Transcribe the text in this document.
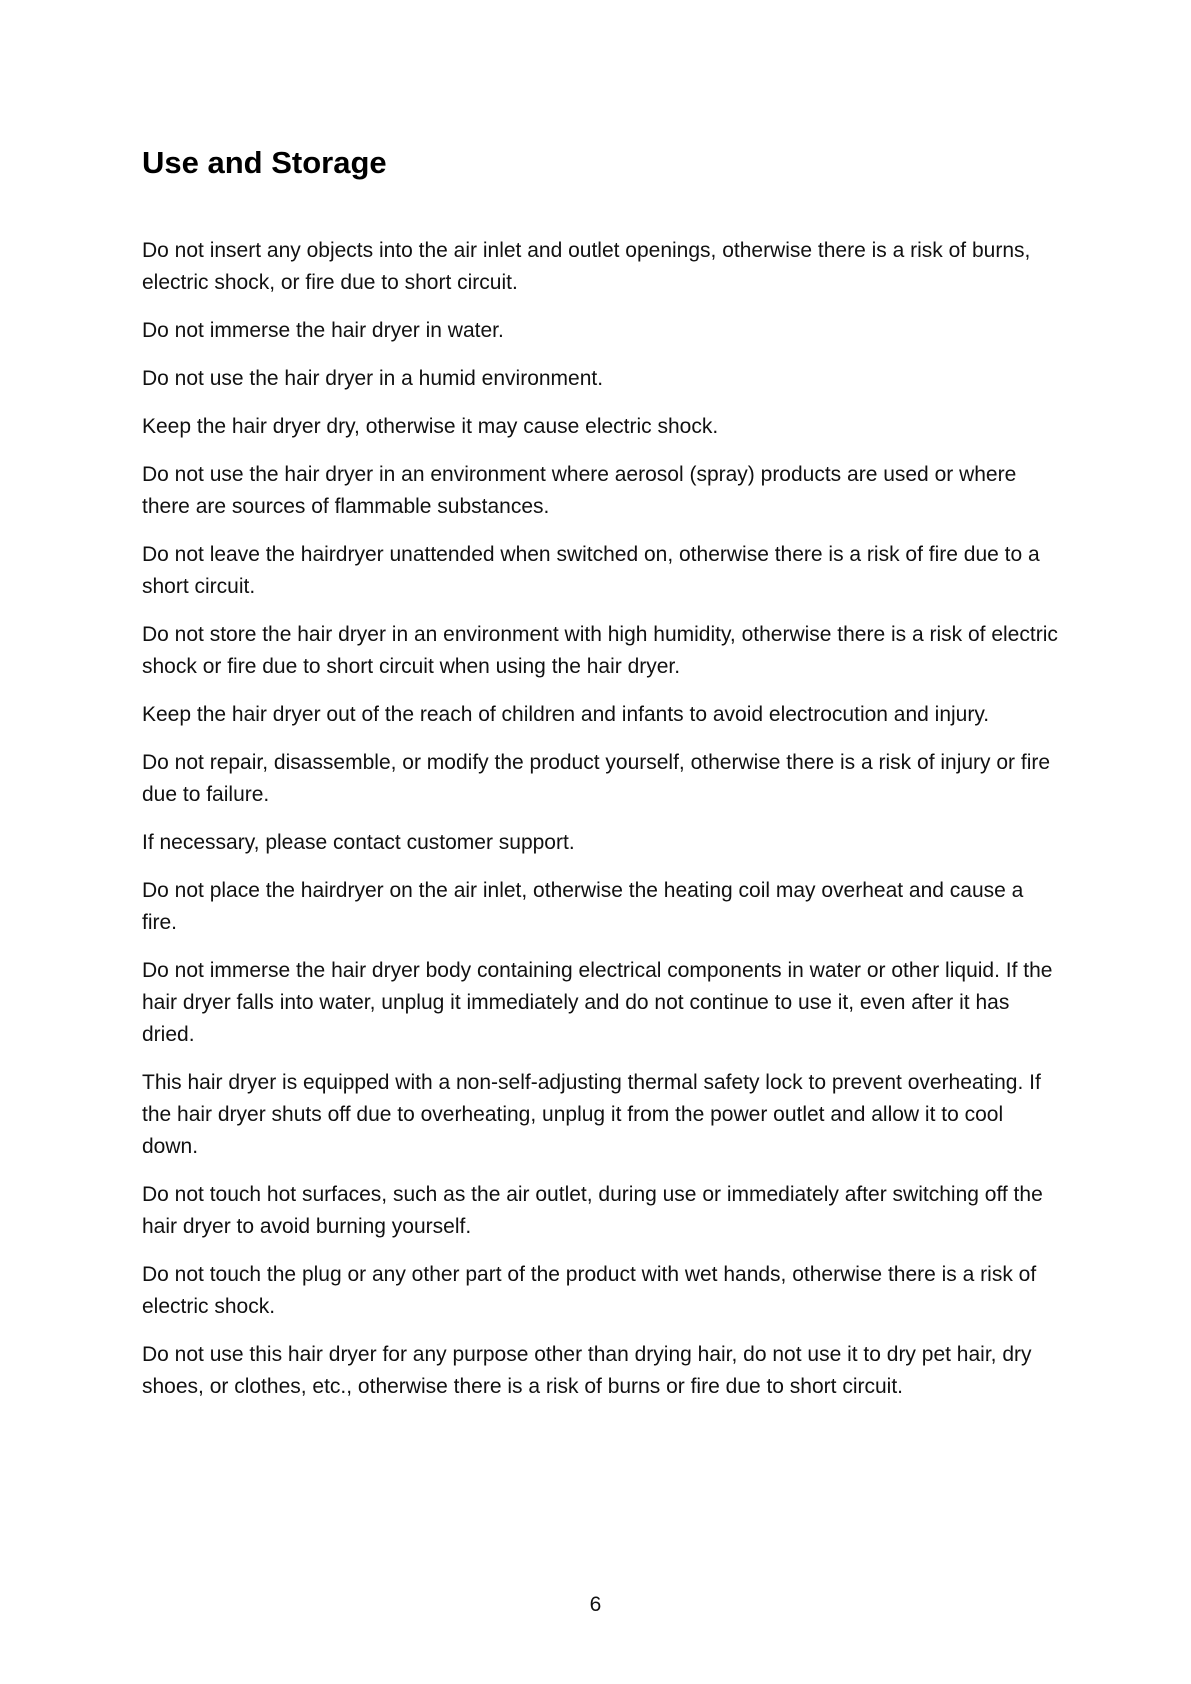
Use and Storage

Do not insert any objects into the air inlet and outlet openings, otherwise there is a risk of burns, electric shock, or fire due to short circuit.

Do not immerse the hair dryer in water.

Do not use the hair dryer in a humid environment.

Keep the hair dryer dry, otherwise it may cause electric shock.

Do not use the hair dryer in an environment where aerosol (spray) products are used or where there are sources of flammable substances.

Do not leave the hairdryer unattended when switched on, otherwise there is a risk of fire due to a short circuit.

Do not store the hair dryer in an environment with high humidity, otherwise there is a risk of electric shock or fire due to short circuit when using the hair dryer.

Keep the hair dryer out of the reach of children and infants to avoid electrocution and injury.

Do not repair, disassemble, or modify the product yourself, otherwise there is a risk of injury or fire due to failure.

If necessary, please contact customer support.

Do not place the hairdryer on the air inlet, otherwise the heating coil may overheat and cause a fire.

Do not immerse the hair dryer body containing electrical components in water or other liquid. If the hair dryer falls into water, unplug it immediately and do not continue to use it, even after it has dried.

This hair dryer is equipped with a non-self-adjusting thermal safety lock to prevent overheating. If the hair dryer shuts off due to overheating, unplug it from the power outlet and allow it to cool down.

Do not touch hot surfaces, such as the air outlet, during use or immediately after switching off the hair dryer to avoid burning yourself.

Do not touch the plug or any other part of the product with wet hands, otherwise there is a risk of electric shock.

Do not use this hair dryer for any purpose other than drying hair, do not use it to dry pet hair, dry shoes, or clothes, etc., otherwise there is a risk of burns or fire due to short circuit.

6
